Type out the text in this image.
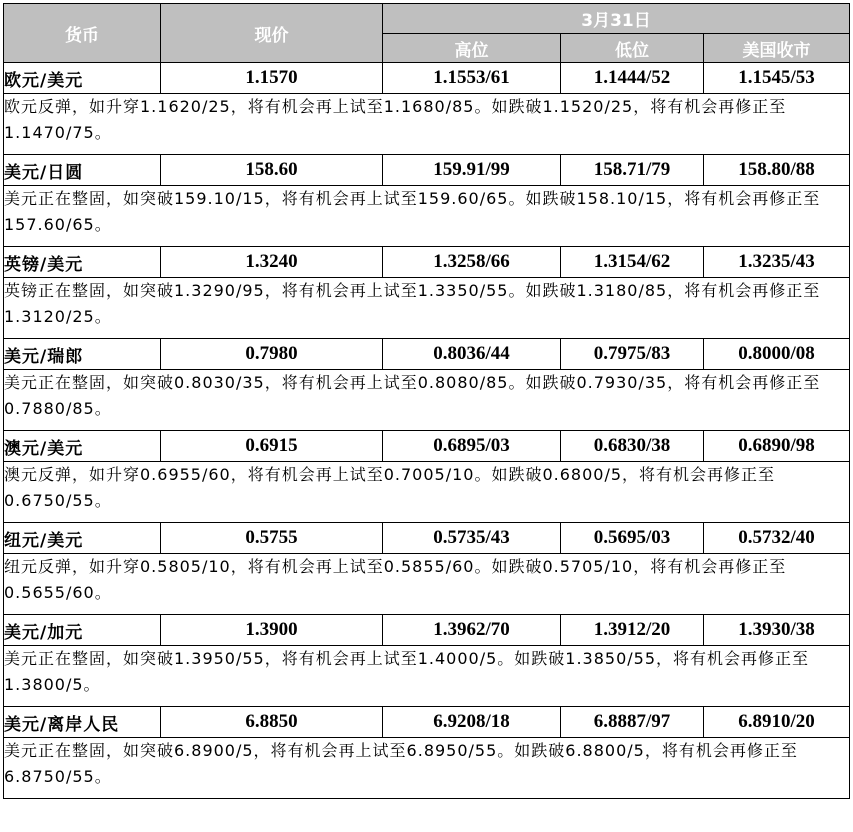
货币	现价	3月31日		
		高位	低位	美国收市
欧元/美元	1.1570	1.1553/61	1.1444/52	1.1545/53
欧元反弹，如升穿1.1620/25，将有机会再上试至1.1680/85。如跌破1.1520/25，将有机会再修正至1.1470/75。				
美元/日圆	158.60	159.91/99	158.71/79	158.80/88
美元正在整固，如突破159.10/15，将有机会再上试至159.60/65。如跌破158.10/15，将有机会再修正至157.60/65。				
英镑/美元	1.3240	1.3258/66	1.3154/62	1.3235/43
英镑正在整固，如突破1.3290/95，将有机会再上试至1.3350/55。如跌破1.3180/85，将有机会再修正至1.3120/25。				
美元/瑞郎	0.7980	0.8036/44	0.7975/83	0.8000/08
美元正在整固，如突破0.8030/35，将有机会再上试至0.8080/85。如跌破0.7930/35，将有机会再修正至0.7880/85。				
澳元/美元	0.6915	0.6895/03	0.6830/38	0.6890/98
澳元反弹，如升穿0.6955/60，将有机会再上试至0.7005/10。如跌破0.6800/5，将有机会再修正至0.6750/55。				
纽元/美元	0.5755	0.5735/43	0.5695/03	0.5732/40
纽元反弹，如升穿0.5805/10，将有机会再上试至0.5855/60。如跌破0.5705/10，将有机会再修正至0.5655/60。				
美元/加元	1.3900	1.3962/70	1.3912/20	1.3930/38
美元正在整固，如突破1.3950/55，将有机会再上试至1.4000/5。如跌破1.3850/55，将有机会再修正至1.3800/5。				
美元/离岸人民	6.8850	6.9208/18	6.8887/97	6.8910/20
美元正在整固，如突破6.8900/5，将有机会再上试至6.8950/55。如跌破6.8800/5，将有机会再修正至6.8750/55。				
